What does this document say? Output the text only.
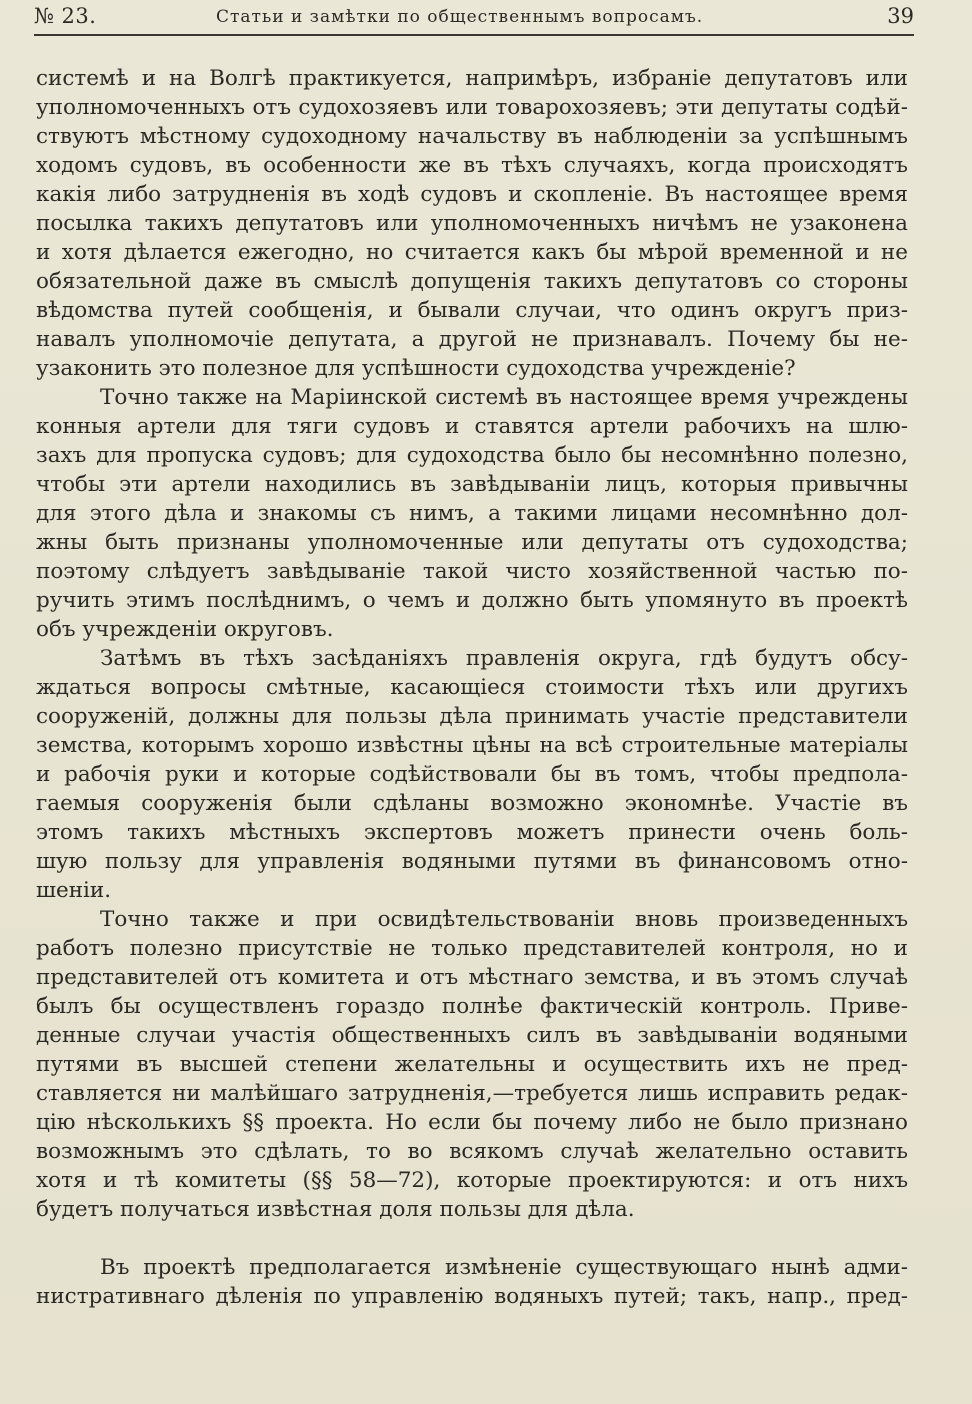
№ 23.	Статьи и замѣтки по общественнымъ вопросамъ.	39
системѣ и на Волгѣ практикуется, напримѣръ, избраніе депутатовъ или
уполномоченныхъ отъ судохозяевъ или товарохозяевъ; эти депутаты содѣй-
ствуютъ мѣстному судоходному начальству въ наблюденіи за успѣшнымъ
ходомъ судовъ, въ особенности же въ тѣхъ случаяхъ, когда происходятъ
какія либо затрудненія въ ходѣ судовъ и скопленіе. Въ настоящее время
посылка такихъ депутатовъ или уполномоченныхъ ничѣмъ не узаконена
и хотя дѣлается ежегодно, но считается какъ бы мѣрой временной и не
обязательной даже въ смыслѣ допущенія такихъ депутатовъ со стороны
вѣдомства путей сообщенія, и бывали случаи, что одинъ округъ приз-
навалъ уполномочіе депутата, а другой не признавалъ. Почему бы не-
узаконить это полезное для успѣшности судоходства учрежденіе?
Точно также на Маріинской системѣ въ настоящее время учреждены
конныя артели для тяги судовъ и ставятся артели рабочихъ на шлю-
захъ для пропуска судовъ; для судоходства было бы несомнѣнно полезно,
чтобы эти артели находились въ завѣдываніи лицъ, которыя привычны
для этого дѣла и знакомы съ нимъ, а такими лицами несомнѣнно дол-
жны быть признаны уполномоченные или депутаты отъ судоходства;
поэтому слѣдуетъ завѣдываніе такой чисто хозяйственной частью по-
ручить этимъ послѣднимъ, о чемъ и должно быть упомянуто въ проектѣ
объ учрежденіи округовъ.
Затѣмъ въ тѣхъ засѣданіяхъ правленія округа, гдѣ будутъ обсу-
ждаться вопросы смѣтные, касающіеся стоимости тѣхъ или другихъ
сооруженій, должны для пользы дѣла принимать участіе представители
земства, которымъ хорошо извѣстны цѣны на всѣ строительные матеріалы
и рабочія руки и которые содѣйствовали бы въ томъ, чтобы предпола-
гаемыя сооруженія были сдѣланы возможно экономнѣе. Участіе въ
этомъ такихъ мѣстныхъ экспертовъ можетъ принести очень боль-
шую пользу для управленія водяными путями въ финансовомъ отно-
шеніи.
Точно также и при освидѣтельствованіи вновь произведенныхъ
работъ полезно присутствіе не только представителей контроля, но и
представителей отъ комитета и отъ мѣстнаго земства, и въ этомъ случаѣ
былъ бы осуществленъ гораздо полнѣе фактическій контроль. Приве-
денные случаи участія общественныхъ силъ въ завѣдываніи водяными
путями въ высшей степени желательны и осуществить ихъ не пред-
ставляется ни малѣйшаго затрудненія,—требуется лишь исправить редак-
цію нѣсколькихъ §§ проекта. Но если бы почему либо не было признано
возможнымъ это сдѣлать, то во всякомъ случаѣ желательно оставить
хотя и тѣ комитеты (§§ 58—72), которые проектируются: и отъ нихъ
будетъ получаться извѣстная доля пользы для дѣла.
Въ проектѣ предполагается измѣненіе существующаго нынѣ адми-
нистративнаго дѣленія по управленію водяныхъ путей; такъ, напр., пред-
